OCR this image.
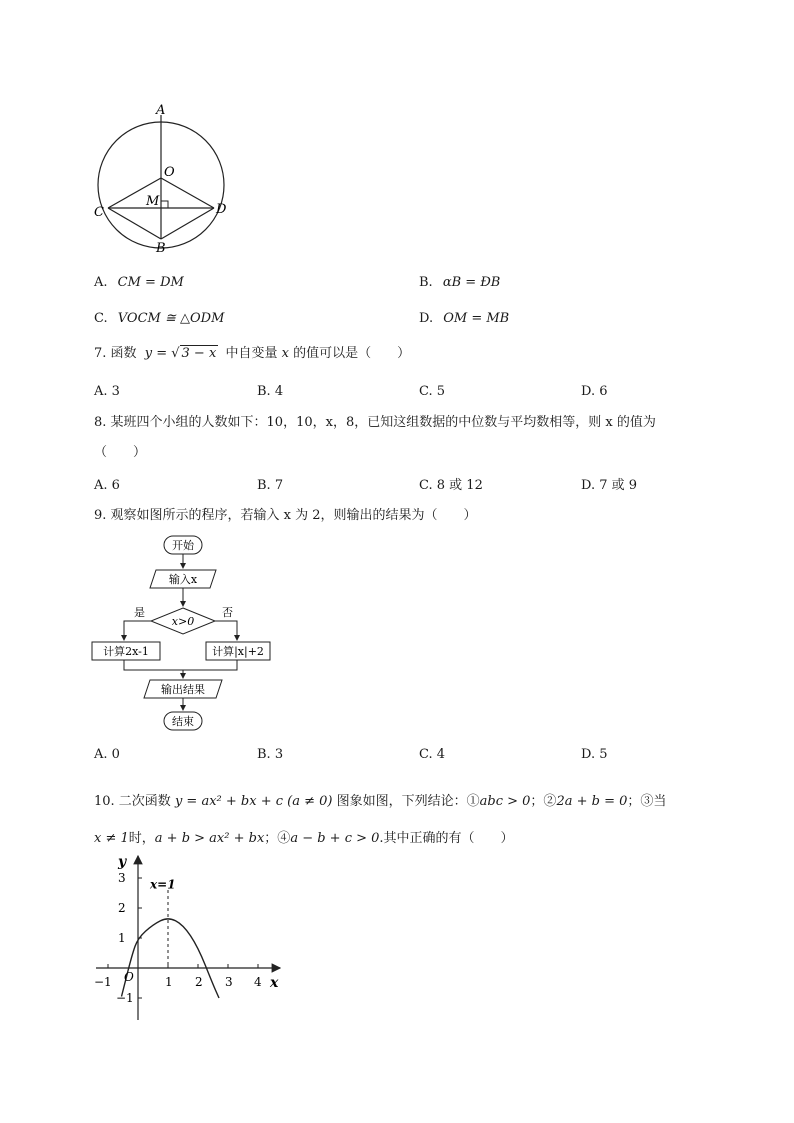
A
O
M
C	D
B
A. CM = DM	B. ɑB = ƉB
C. VOCM ≅ △ODM	D. OM = MB
7. 函数 y = √ 3 − x 中自变量 x 的值可以是（　　）
A. 3	B. 4	C. 5	D. 6
8. 某班四个小组的人数如下：10，10，x，8，已知这组数据的中位数与平均数相等，则 x 的值为
（　　）
A. 6	B. 7	C. 8 或 12	D. 7 或 9
9. 观察如图所示的程序，若输入 x 为 2，则输出的结果为（　　）
开始
输入x
x>0
是	否
计算2x-1	计算|x|+2
输出结果
结束
A. 0	B. 3	C. 4	D. 5
10. 二次函数 y = ax² + bx + c (a ≠ 0) 图象如图，下列结论：①abc > 0；②2a + b = 0；③当
x ≠ 1时，a + b > ax² + bx；④a − b + c > 0.其中正确的有（　　）
y
x
O
x=1
−1	1 2 3 4
3
2
1
−1
